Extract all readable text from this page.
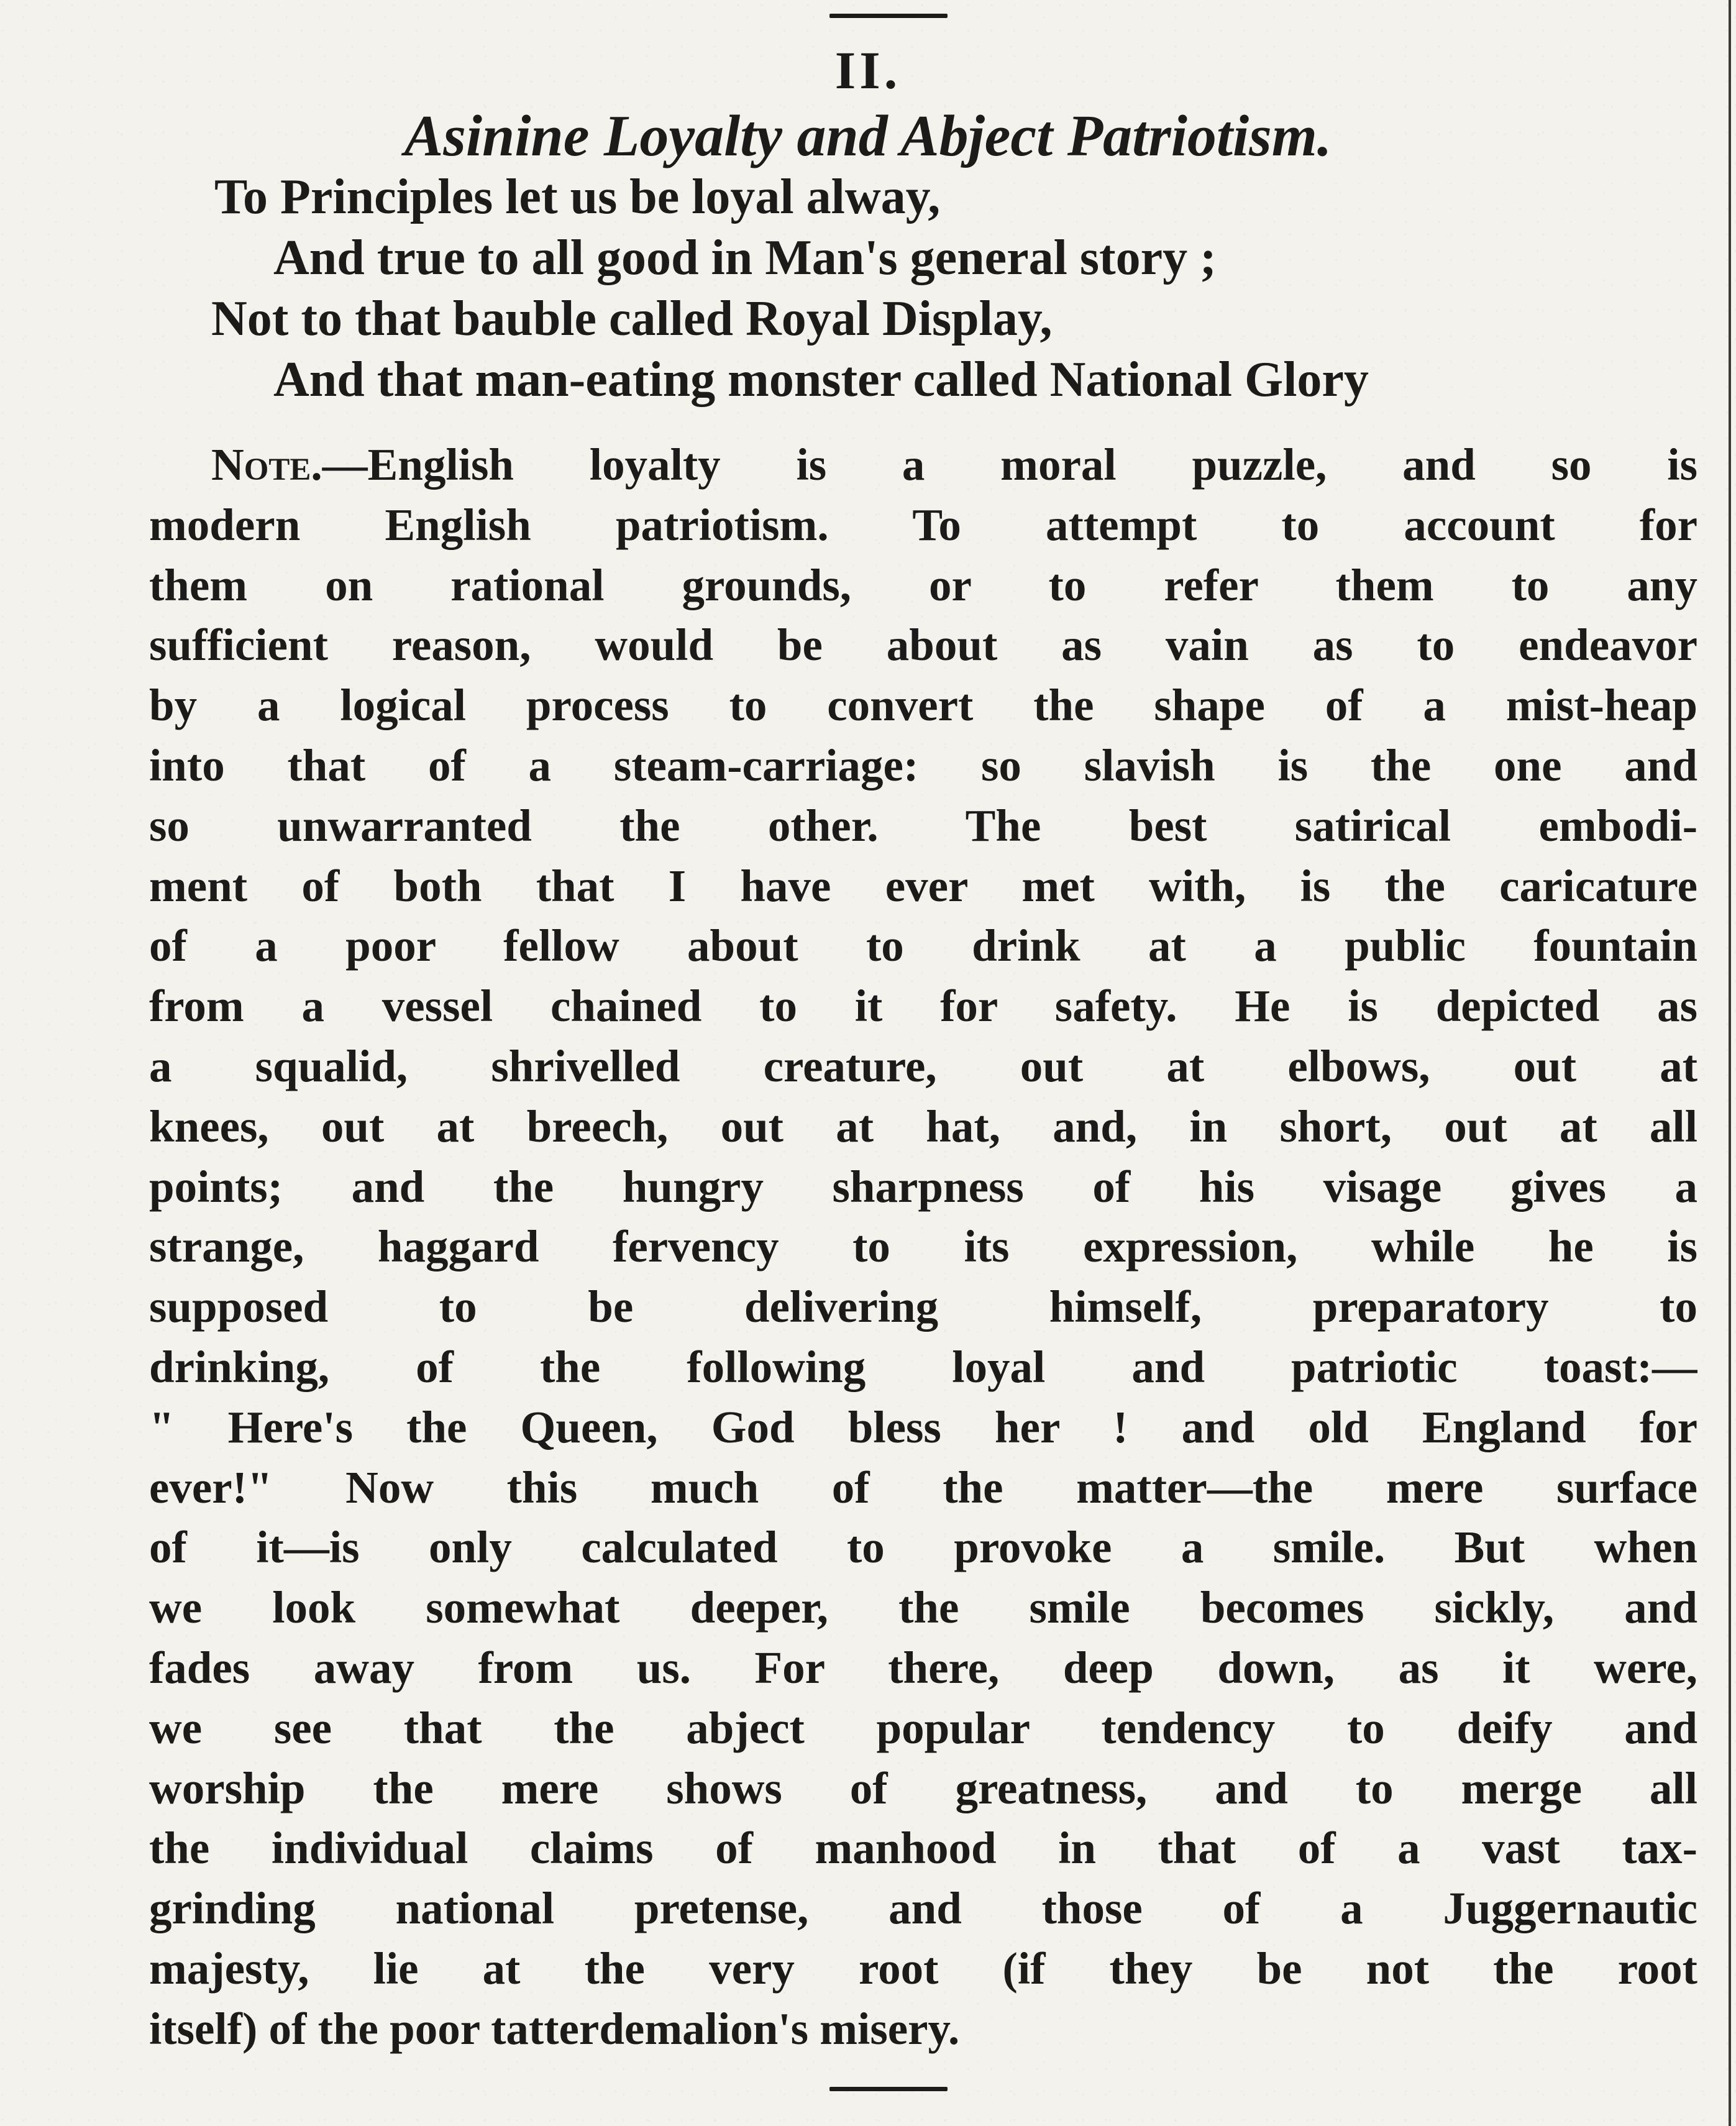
II.
Asinine Loyalty and Abject Patriotism.
To Principles let us be loyal alway,
And true to all good in Man's general story ;
Not to that bauble called Royal Display,
And that man-eating monster called National Glory
Note.—English loyalty is a moral puzzle, and so is
modern English patriotism. To attempt to account for
them on rational grounds, or to refer them to any
sufficient reason, would be about as vain as to endeavor
by a logical process to convert the shape of a mist-heap
into that of a steam-carriage: so slavish is the one and
so unwarranted the other. The best satirical embodi-
ment of both that I have ever met with, is the caricature
of a poor fellow about to drink at a public fountain
from a vessel chained to it for safety. He is depicted as
a squalid, shrivelled creature, out at elbows, out at
knees, out at breech, out at hat, and, in short, out at all
points; and the hungry sharpness of his visage gives a
strange, haggard fervency to its expression, while he is
supposed to be delivering himself, preparatory to
drinking, of the following loyal and patriotic toast:—
" Here's the Queen, God bless her ! and old England for
ever!" Now this much of the matter—the mere surface
of it—is only calculated to provoke a smile. But when
we look somewhat deeper, the smile becomes sickly, and
fades away from us. For there, deep down, as it were,
we see that the abject popular tendency to deify and
worship the mere shows of greatness, and to merge all
the individual claims of manhood in that of a vast tax-
grinding national pretense, and those of a Juggernautic
majesty, lie at the very root (if they be not the root
itself) of the poor tatterdemalion's misery.
